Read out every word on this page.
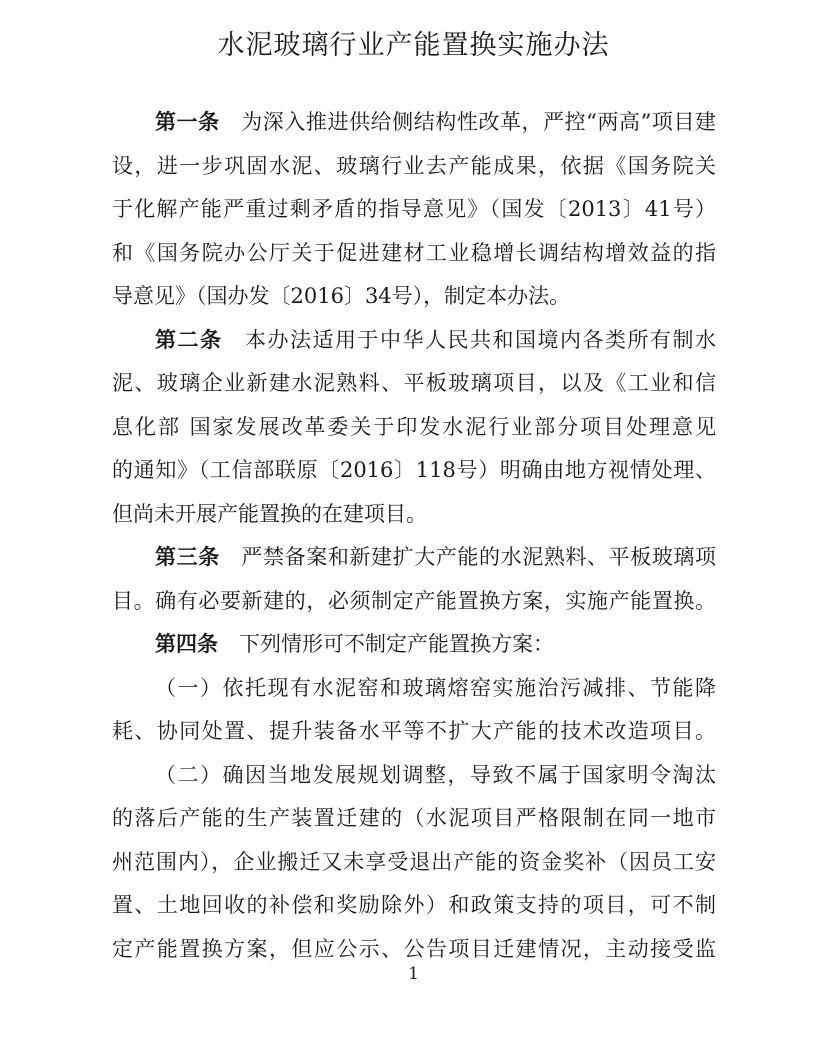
水泥玻璃行业产能置换实施办法
第一条　 为深入推进供给侧结构性改革，严控“两高”项目建
设，进一步巩固水泥、玻璃行业去产能成果，依据《国务院关
于化解产能严重过剩矛盾的指导意见》（国发〔2013〕41号）
和《国务院办公厅关于促进建材工业稳增长调结构增效益的指
导意见》（国办发〔2016〕34号），制定本办法。
第二条　 本办法适用于中华人民共和国境内各类所有制水
泥、玻璃企业新建水泥熟料、平板玻璃项目，以及《工业和信
息化部 国家发展改革委关于印发水泥行业部分项目处理意见
的通知》（工信部联原〔2016〕118号）明确由地方视情处理、
但尚未开展产能置换的在建项目。
第三条　 严禁备案和新建扩大产能的水泥熟料、平板玻璃项
目。确有必要新建的，必须制定产能置换方案，实施产能置换。
第四条　 下列情形可不制定产能置换方案：
（一）依托现有水泥窑和玻璃熔窑实施治污减排、节能降
耗、协同处置、提升装备水平等不扩大产能的技术改造项目。
（二）确因当地发展规划调整，导致不属于国家明令淘汰
的落后产能的生产装置迁建的（水泥项目严格限制在同一地市
州范围内），企业搬迁又未享受退出产能的资金奖补（因员工安
置、土地回收的补偿和奖励除外）和政策支持的项目，可不制
定产能置换方案，但应公示、公告项目迁建情况，主动接受监
1
